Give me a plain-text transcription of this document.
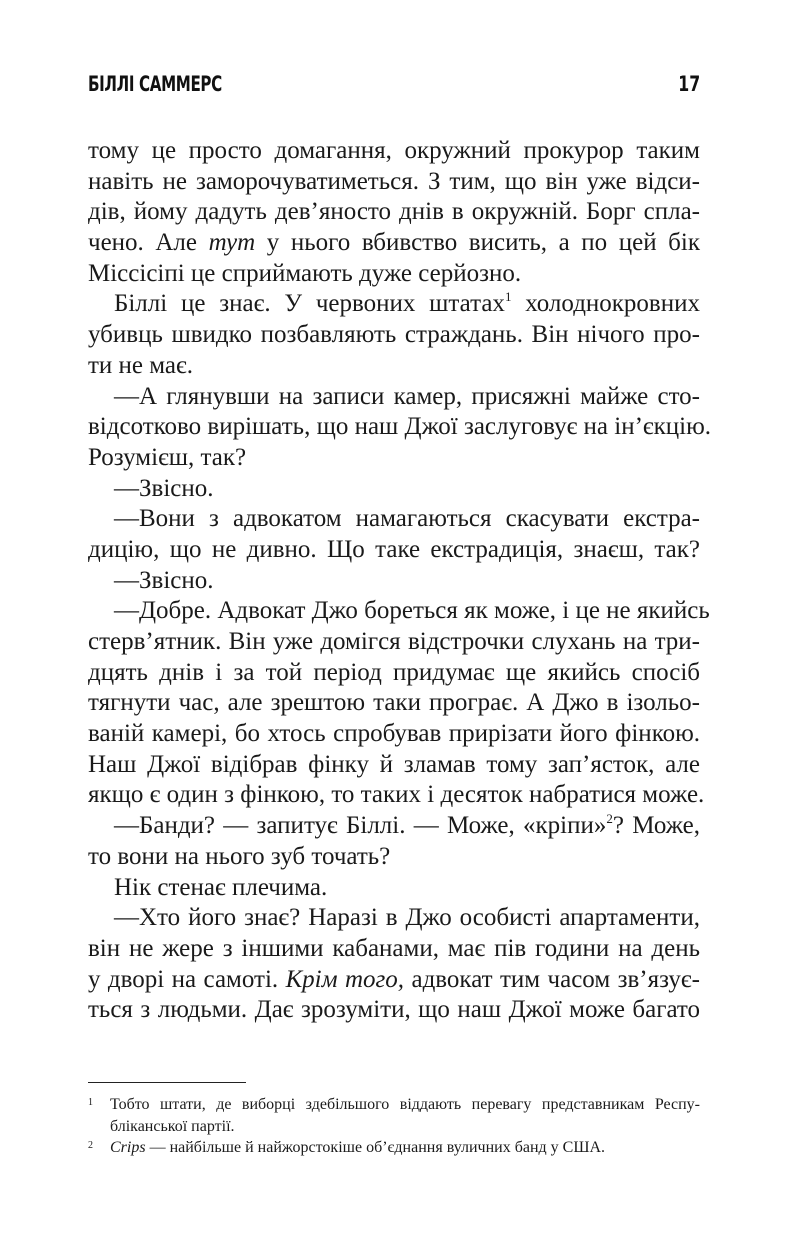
БІЛЛІ САММЕРС	17
тому це просто домагання, окружний прокурор таким
навіть не заморочуватиметься. З тим, що він уже відси-
дів, йому дадуть дев’яносто днів в окружній. Борг спла-
чено. Але тут у нього вбивство висить, а по цей бік
Міссісіпі це сприймають дуже серйозно.
Біллі це знає. У червоних штатах$^1$ холоднокровних
убивць швидко позбавляють страждань. Він нічого про-
ти не має.
—А глянувши на записи камер, присяжні майже сто-
відсотково вирішать, що наш Джої заслуговує на ін’єкцію.
Розумієш, так?
—Звісно.
—Вони з адвокатом намагаються скасувати екстра-
дицію, що не дивно. Що таке екстрадиція, знаєш, так?
—Звісно.
—Добре. Адвокат Джо бореться як може, і це не якийсь
стерв’ятник. Він уже домігся відстрочки слухань на три-
дцять днів і за той період придумає ще якийсь спосіб
тягнути час, але зрештою таки програє. А Джо в ізольо-
ваній камері, бо хтось спробував прирізати його фінкою.
Наш Джої відібрав фінку й зламав тому зап’ясток, але
якщо є один з фінкою, то таких і десяток набратися може.
—Банди? — запитує Біллі. — Може, «кріпи»$^2$? Може,
то вони на нього зуб точать?
Нік стенає плечима.
—Хто його знає? Наразі в Джо особисті апартаменти,
він не жере з іншими кабанами, має пів години на день
у дворі на самоті. Крім того, адвокат тим часом зв’язує-
ться з людьми. Дає зрозуміти, що наш Джої може багато
1 Тобто штати, де виборці здебільшого віддають перевагу представникам Респу-
бліканської партії.
2 Crips — найбільше й найжорстокіше об’єднання вуличних банд у США.
